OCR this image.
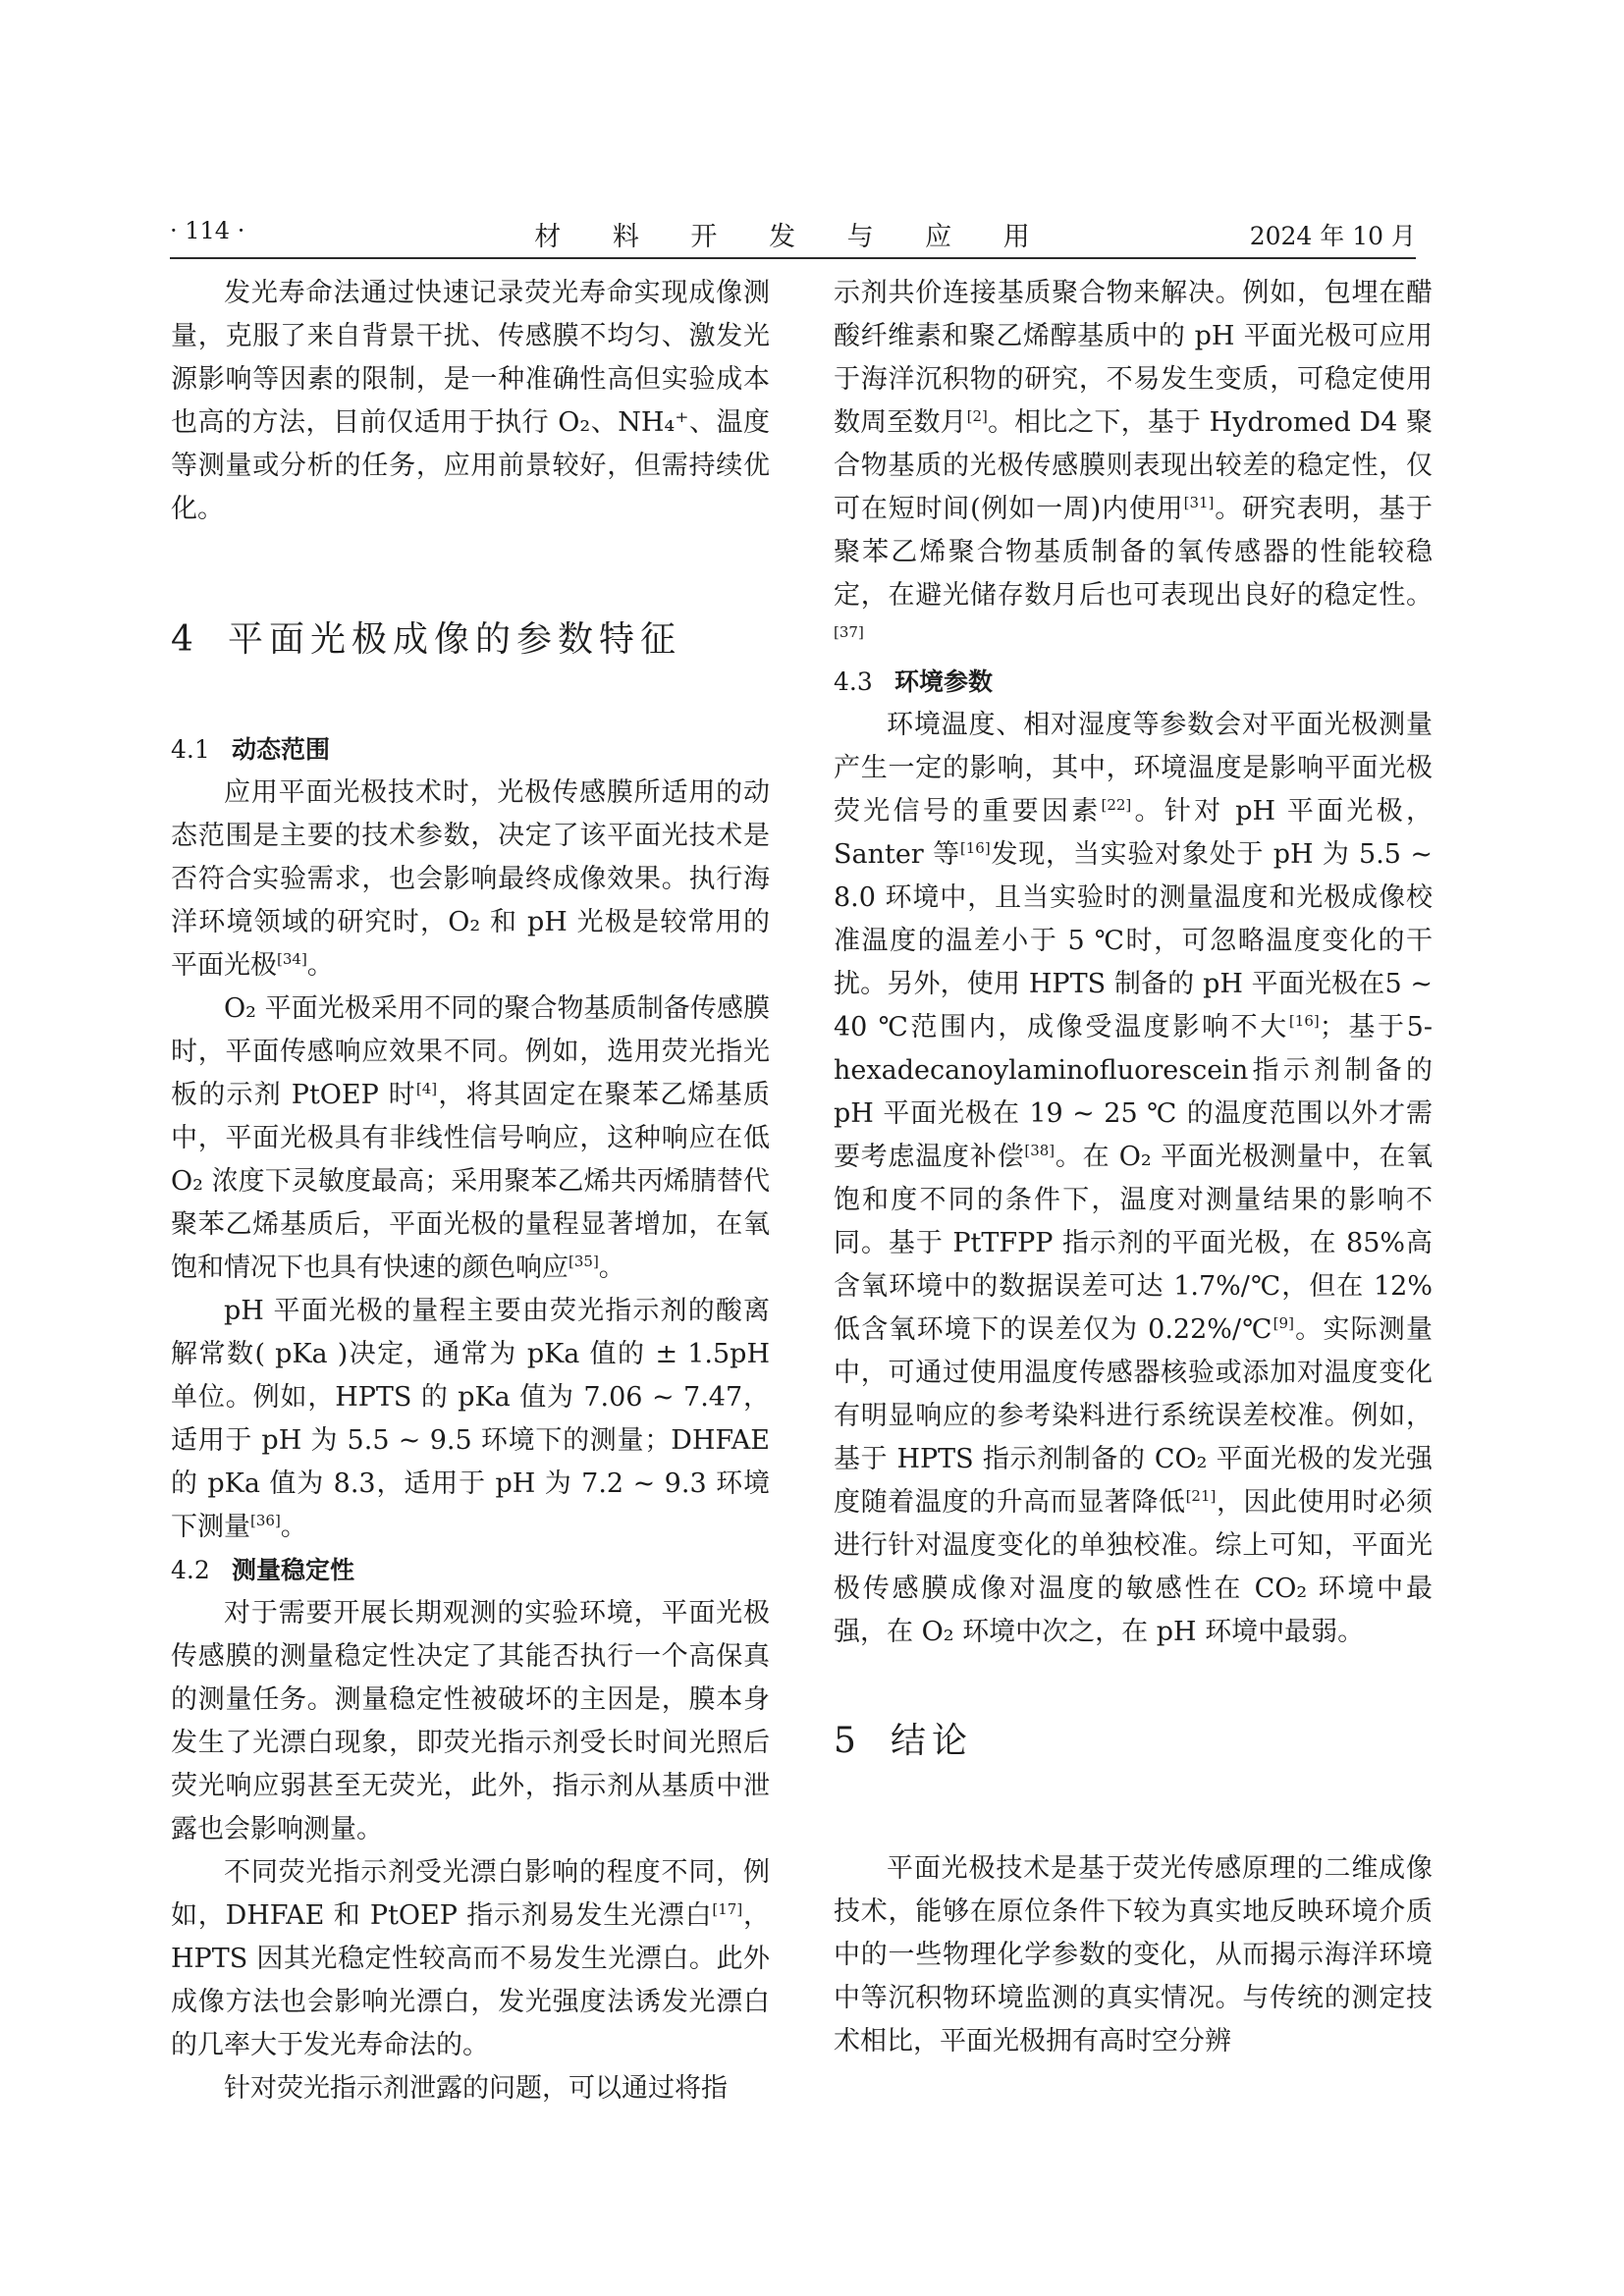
· 114 ·	材 料 开 发 与 应 用	2024 年 10 月

发光寿命法通过快速记录荧光寿命实现成像测量，克服了来自背景干扰、传感膜不均匀、激发光源影响等因素的限制，是一种准确性高但实验成本也高的方法，目前仅适用于执行 O₂、NH₄⁺、温度等测量或分析的任务，应用前景较好，但需持续优化。

4 平面光极成像的参数特征
4.1 动态范围

应用平面光极技术时，光极传感膜所适用的动态范围是主要的技术参数，决定了该平面光技术是否符合实验需求，也会影响最终成像效果。执行海洋环境领域的研究时，O₂ 和 pH 光极是较常用的平面光极[34]。

O₂ 平面光极采用不同的聚合物基质制备传感膜时，平面传感响应效果不同。例如，选用荧光指光板的示剂 PtOEP 时[4]，将其固定在聚苯乙烯基质中，平面光极具有非线性信号响应，这种响应在低 O₂ 浓度下灵敏度最高；采用聚苯乙烯共丙烯腈替代聚苯乙烯基质后，平面光极的量程显著增加，在氧饱和情况下也具有快速的颜色响应[35]。

pH 平面光极的量程主要由荧光指示剂的酸离解常数( pKa )决定，通常为 pKa 值的 ± 1.5pH 单位。例如，HPTS 的 pKa 值为 7.06 ~ 7.47，适用于 pH 为 5.5 ~ 9.5 环境下的测量；DHFAE 的 pKa 值为 8.3，适用于 pH 为 7.2 ~ 9.3 环境下测量[36]。

4.2 测量稳定性

对于需要开展长期观测的实验环境，平面光极传感膜的测量稳定性决定了其能否执行一个高保真的测量任务。测量稳定性被破坏的主因是，膜本身发生了光漂白现象，即荧光指示剂受长时间光照后荧光响应弱甚至无荧光，此外，指示剂从基质中泄露也会影响测量。

不同荧光指示剂受光漂白影响的程度不同，例如，DHFAE 和 PtOEP 指示剂易发生光漂白[17]，HPTS 因其光稳定性较高而不易发生光漂白。此外成像方法也会影响光漂白，发光强度法诱发光漂白的几率大于发光寿命法的。

针对荧光指示剂泄露的问题，可以通过将指

示剂共价连接基质聚合物来解决。例如，包埋在醋酸纤维素和聚乙烯醇基质中的 pH 平面光极可应用于海洋沉积物的研究，不易发生变质，可稳定使用数周至数月[2]。相比之下，基于 Hydromed D4 聚合物基质的光极传感膜则表现出较差的稳定性，仅可在短时间(例如一周)内使用[31]。研究表明，基于聚苯乙烯聚合物基质制备的氧传感器的性能较稳定，在避光储存数月后也可表现出良好的稳定性。[37]

4.3 环境参数

环境温度、相对湿度等参数会对平面光极测量产生一定的影响，其中，环境温度是影响平面光极荧光信号的重要因素[22]。针对 pH 平面光极，Santer 等[16]发现，当实验对象处于 pH 为 5.5 ~ 8.0 环境中，且当实验时的测量温度和光极成像校准温度的温差小于 5 ℃时，可忽略温度变化的干扰。另外，使用 HPTS 制备的 pH 平面光极在5 ~ 40 ℃范围内，成像受温度影响不大[16]；基于5-hexadecanoylaminofluorescein指示剂制备的 pH 平面光极在 19 ~ 25 ℃ 的温度范围以外才需要考虑温度补偿[38]。在 O₂ 平面光极测量中，在氧饱和度不同的条件下，温度对测量结果的影响不同。基于 PtTFPP 指示剂的平面光极，在 85%高含氧环境中的数据误差可达 1.7%/℃，但在 12%低含氧环境下的误差仅为 0.22%/℃[9]。实际测量中，可通过使用温度传感器核验或添加对温度变化有明显响应的参考染料进行系统误差校准。例如，基于 HPTS 指示剂制备的 CO₂ 平面光极的发光强度随着温度的升高而显著降低[21]，因此使用时必须进行针对温度变化的单独校准。综上可知，平面光极传感膜成像对温度的敏感性在 CO₂ 环境中最强，在 O₂ 环境中次之，在 pH 环境中最弱。

5 结论

平面光极技术是基于荧光传感原理的二维成像技术，能够在原位条件下较为真实地反映环境介质中的一些物理化学参数的变化，从而揭示海洋环境中等沉积物环境监测的真实情况。与传统的测定技术相比，平面光极拥有高时空分辨
